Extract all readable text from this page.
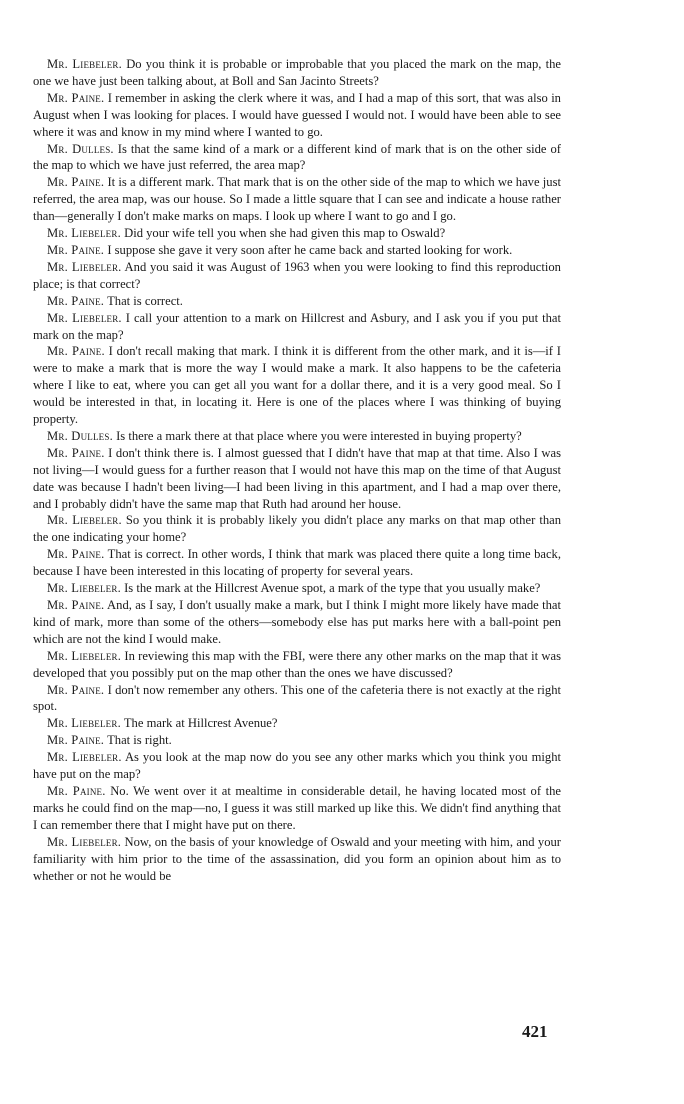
Mr. Liebeler. Do you think it is probable or improbable that you placed the mark on the map, the one we have just been talking about, at Boll and San Jacinto Streets?

Mr. Paine. I remember in asking the clerk where it was, and I had a map of this sort, that was also in August when I was looking for places. I would have guessed I would not. I would have been able to see where it was and know in my mind where I wanted to go.

Mr. Dulles. Is that the same kind of a mark or a different kind of mark that is on the other side of the map to which we have just referred, the area map?

Mr. Paine. It is a different mark. That mark that is on the other side of the map to which we have just referred, the area map, was our house. So I made a little square that I can see and indicate a house rather than—generally I don't make marks on maps. I look up where I want to go and I go.

Mr. Liebeler. Did your wife tell you when she had given this map to Oswald?

Mr. Paine. I suppose she gave it very soon after he came back and started looking for work.

Mr. Liebeler. And you said it was August of 1963 when you were looking to find this reproduction place; is that correct?

Mr. Paine. That is correct.

Mr. Liebeler. I call your attention to a mark on Hillcrest and Asbury, and I ask you if you put that mark on the map?

Mr. Paine. I don't recall making that mark. I think it is different from the other mark, and it is—if I were to make a mark that is more the way I would make a mark. It also happens to be the cafeteria where I like to eat, where you can get all you want for a dollar there, and it is a very good meal. So I would be interested in that, in locating it. Here is one of the places where I was thinking of buying property.

Mr. Dulles. Is there a mark there at that place where you were interested in buying property?

Mr. Paine. I don't think there is. I almost guessed that I didn't have that map at that time. Also I was not living—I would guess for a further reason that I would not have this map on the time of that August date was because I hadn't been living—I had been living in this apartment, and I had a map over there, and I probably didn't have the same map that Ruth had around her house.

Mr. Liebeler. So you think it is probably likely you didn't place any marks on that map other than the one indicating your home?

Mr. Paine. That is correct. In other words, I think that mark was placed there quite a long time back, because I have been interested in this locating of property for several years.

Mr. Liebeler. Is the mark at the Hillcrest Avenue spot, a mark of the type that you usually make?

Mr. Paine. And, as I say, I don't usually make a mark, but I think I might more likely have made that kind of mark, more than some of the others—somebody else has put marks here with a ball-point pen which are not the kind I would make.

Mr. Liebeler. In reviewing this map with the FBI, were there any other marks on the map that it was developed that you possibly put on the map other than the ones we have discussed?

Mr. Paine. I don't now remember any others. This one of the cafeteria there is not exactly at the right spot.

Mr. Liebeler. The mark at Hillcrest Avenue?

Mr. Paine. That is right.

Mr. Liebeler. As you look at the map now do you see any other marks which you think you might have put on the map?

Mr. Paine. No. We went over it at mealtime in considerable detail, he having located most of the marks he could find on the map—no, I guess it was still marked up like this. We didn't find anything that I can remember there that I might have put on there.

Mr. Liebeler. Now, on the basis of your knowledge of Oswald and your meeting with him, and your familiarity with him prior to the time of the assassination, did you form an opinion about him as to whether or not he would be

421
